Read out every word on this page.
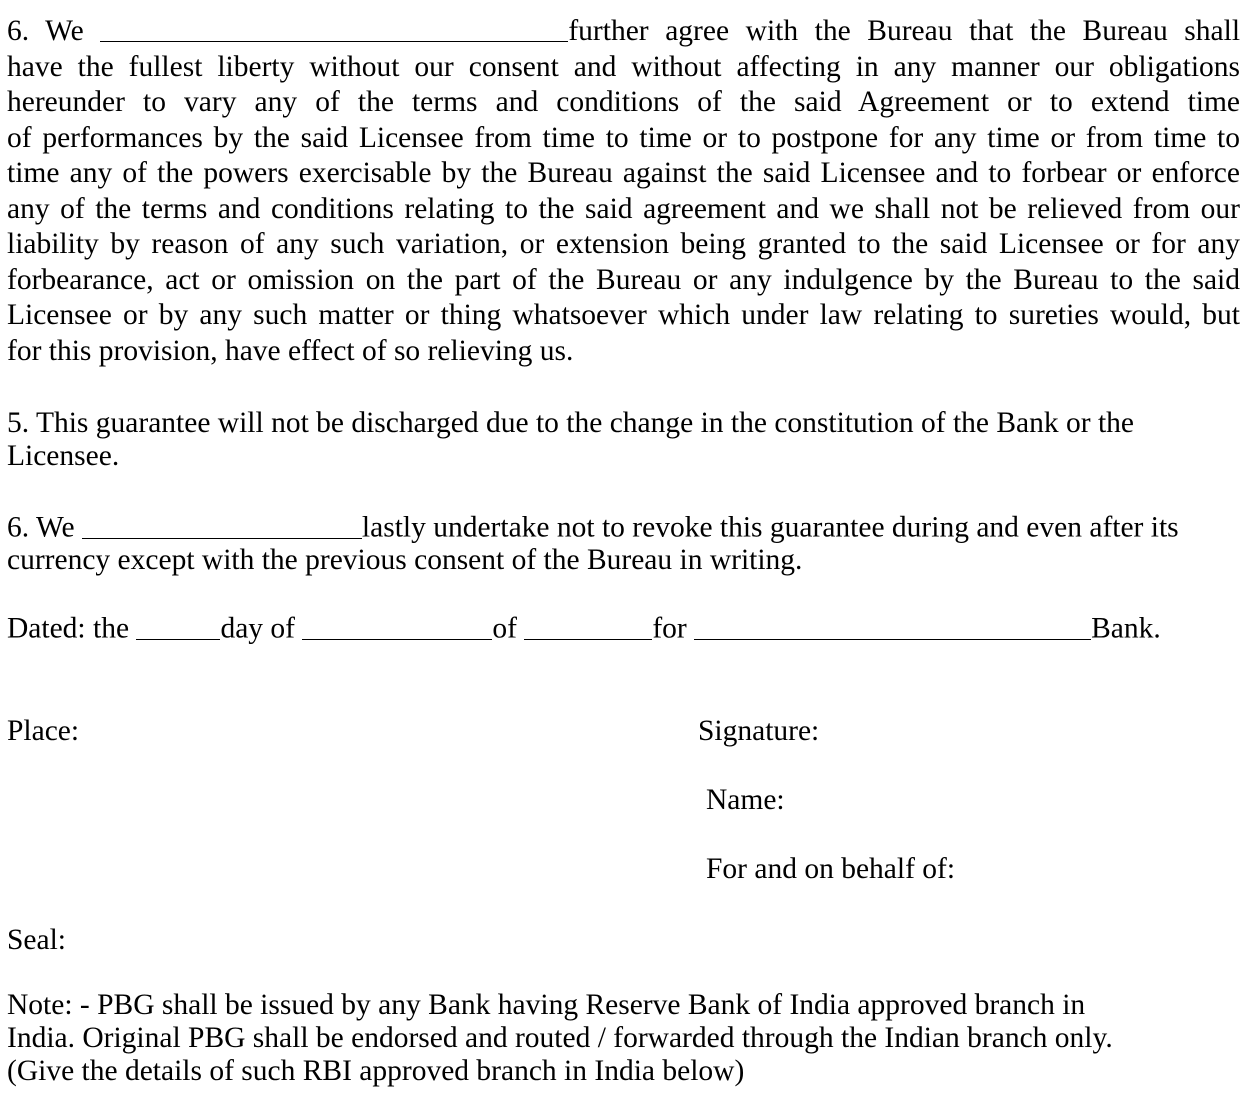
6. We	further agree with the Bureau that the Bureau shall
have the fullest liberty without our consent and without affecting in any manner our obligations
hereunder to vary any of the terms and conditions of the said Agreement or to extend time
of performances by the said Licensee from time to time or to postpone for any time or from time to
time any of the powers exercisable by the Bureau against the said Licensee and to forbear or enforce
any of the terms and conditions relating to the said agreement and we shall not be relieved from our
liability by reason of any such variation, or extension being granted to the said Licensee or for any
forbearance, act or omission on the part of the Bureau or any indulgence by the Bureau to the said
Licensee or by any such matter or thing whatsoever which under law relating to sureties would, but
for this provision, have effect of so relieving us.
5. This guarantee will not be discharged due to the change in the constitution of the Bank or the
Licensee.
6. We	lastly undertake not to revoke this guarantee during and even after its
currency except with the previous consent of the Bureau in writing.
Dated: the	day of	of	for	Bank.
Place:	Signature:
Name:
For and on behalf of:
Seal:
Note: - PBG shall be issued by any Bank having Reserve Bank of India approved branch in
India. Original PBG shall be endorsed and routed / forwarded through the Indian branch only.
(Give the details of such RBI approved branch in India below)
